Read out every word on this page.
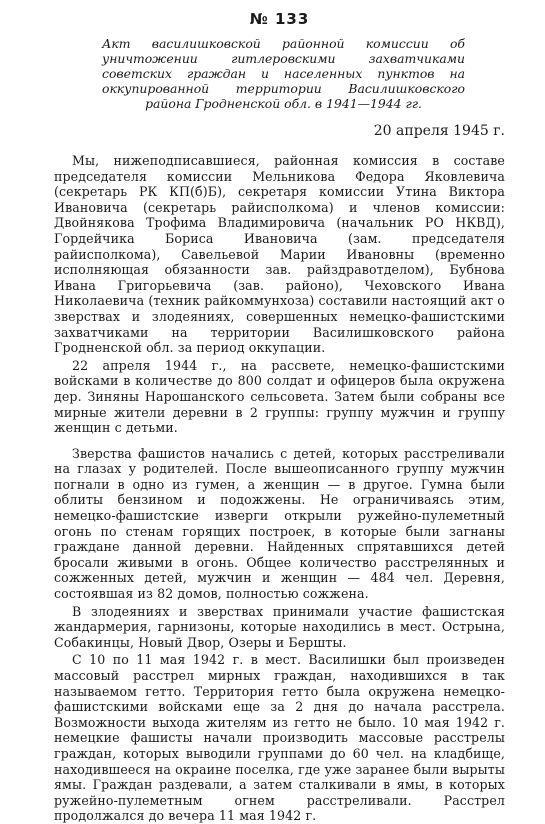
№ 133
Акт василишковской районной комиссии об уничтожении гитлеровскими захватчиками советских граждан и населенных пунктов на оккупированной территории Василишковского района Гродненской обл. в 1941—1944 гг.
20 апреля 1945 г.

Мы, нижеподписавшиеся, районная комиссия в составе председателя комиссии Мельникова Федора Яковлевича (секретарь РК КП(б)Б), секретаря комиссии Утина Виктора Ивановича (секретарь райисполкома) и членов комиссии: Двойнякова Трофима Владимировича (начальник РО НКВД), Гордейчика Бориса Ивановича (зам. председателя райисполкома), Савельевой Марии Ивановны (временно исполняющая обязанности зав. райздравотделом), Бубнова Ивана Григорьевича (зав. районо), Чеховского Ивана Николаевича (техник райкоммунхоза) составили настоящий акт о зверствах и злодеяниях, совершенных немецко-фашистскими захватчиками на территории Василишковского района Гродненской обл. за период оккупации.

22 апреля 1944 г., на рассвете, немецко-фашистскими войсками в количестве до 800 солдат и офицеров была окружена дер. Зиняны Нарошанского сельсовета. Затем были собраны все мирные жители деревни в 2 группы: группу мужчин и группу женщин с детьми.

Зверства фашистов начались с детей, которых расстреливали на глазах у родителей. После вышеописанного группу мужчин погнали в одно из гумен, а женщин — в другое. Гумна были облиты бензином и подожжены. Не ограничиваясь этим, немецко-фашистские изверги открыли ружейно-пулеметный огонь по стенам горящих построек, в которые были загнаны граждане данной деревни. Найденных спрятавшихся детей бросали живыми в огонь. Общее количество расстрелянных и сожженных детей, мужчин и женщин — 484 чел. Деревня, состоявшая из 82 домов, полностью сожжена.

В злодеяниях и зверствах принимали участие фашистская жандармерия, гарнизоны, которые находились в мест. Острына, Собакинцы, Новый Двор, Озеры и Бершты.

С 10 по 11 мая 1942 г. в мест. Василишки был произведен массовый расстрел мирных граждан, находившихся в так называемом гетто. Территория гетто была окружена немецко-фашистскими войсками еще за 2 дня до начала расстрела. Возможности выхода жителям из гетто не было. 10 мая 1942 г. немецкие фашисты начали производить массовые расстрелы граждан, которых выводили группами до 60 чел. на кладбище, находившееся на окраине поселка, где уже заранее были вырыты ямы. Граждан раздевали, а затем сталкивали в ямы, в которых ружейно-пулеметным огнем расстреливали. Расстрел продолжался до вечера 11 мая 1942 г.
